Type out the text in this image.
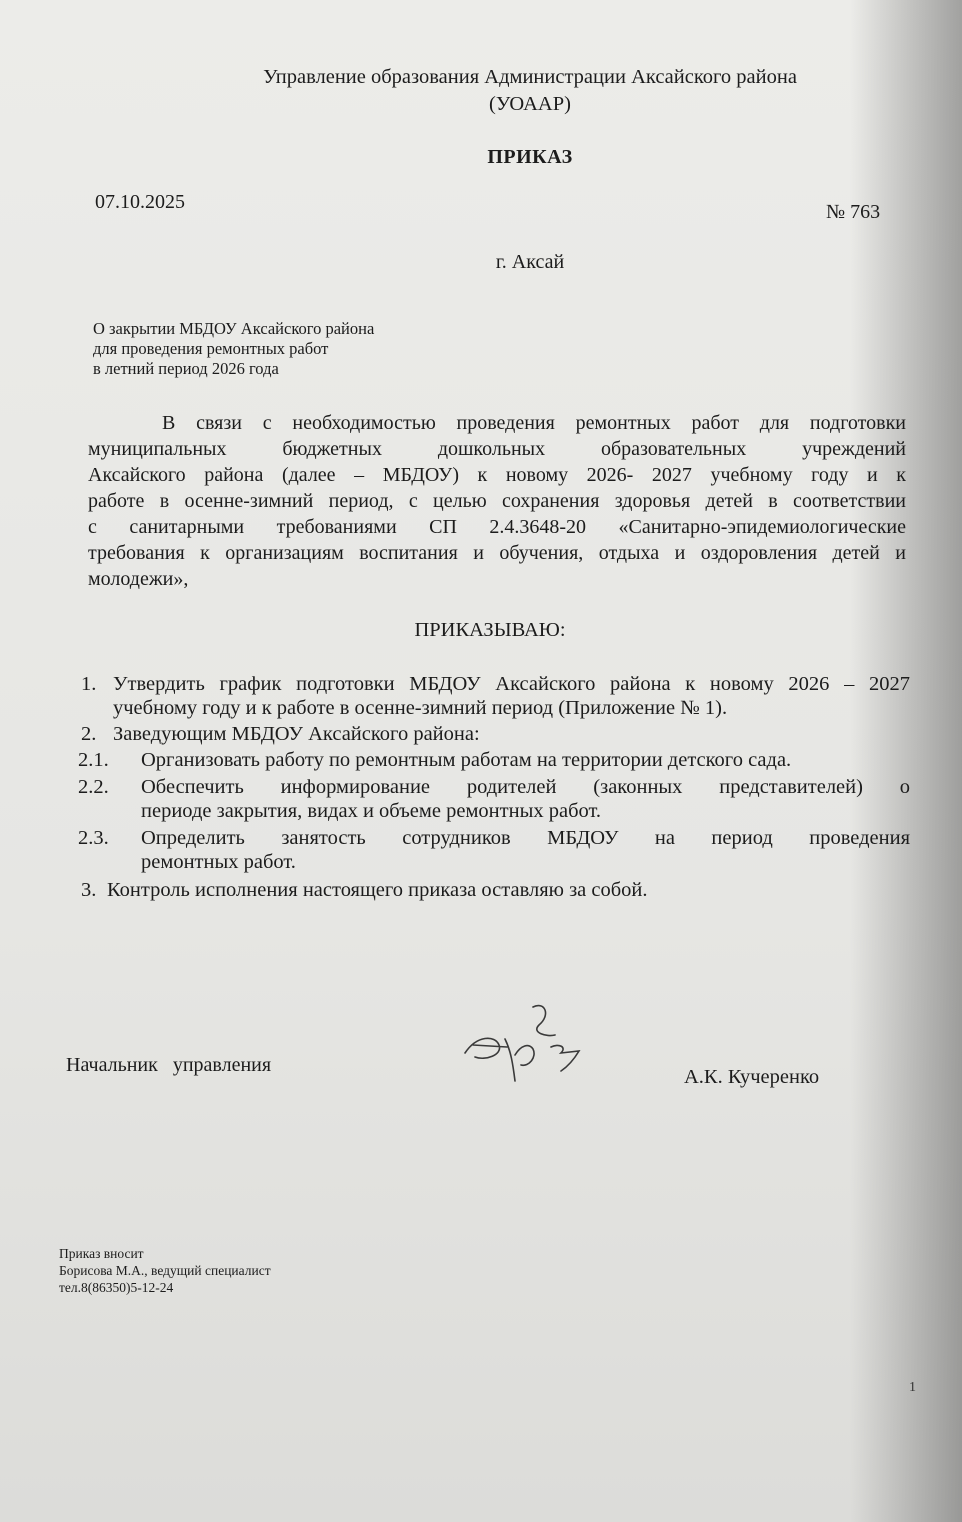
Управление образования Администрации Аксайского района
(УОААР)
ПРИКАЗ
07.10.2025	№ 763
г. Аксай
О закрытии МБДОУ Аксайского района
для проведения ремонтных работ
в летний период 2026 года
В связи с необходимостью проведения ремонтных работ для подготовки
муниципальных бюджетных дошкольных образовательных учреждений
Аксайского района (далее – МБДОУ) к новому 2026- 2027 учебному году и к
работе в осенне-зимний период, с целью сохранения здоровья детей в соответствии
с санитарными требованиями СП 2.4.3648-20 «Санитарно-эпидемиологические
требования к организациям воспитания и обучения, отдыха и оздоровления детей и
молодежи»,
ПРИКАЗЫВАЮ:
1. Утвердить график подготовки МБДОУ Аксайского района к новому 2026 – 2027
учебному году и к работе в осенне-зимний период (Приложение № 1).
2. Заведующим МБДОУ Аксайского района:
2.1. Организовать работу по ремонтным работам на территории детского сада.
2.2. Обеспечить информирование родителей (законных представителей) о
периоде закрытия, видах и объеме ремонтных работ.
2.3. Определить занятость сотрудников МБДОУ на период проведения
ремонтных работ.
3. Контроль исполнения настоящего приказа оставляю за собой.
Начальник управления
А.К. Кучеренко
Приказ вносит
Борисова М.А., ведущий специалист
тел.8(86350)5-12-24
1
